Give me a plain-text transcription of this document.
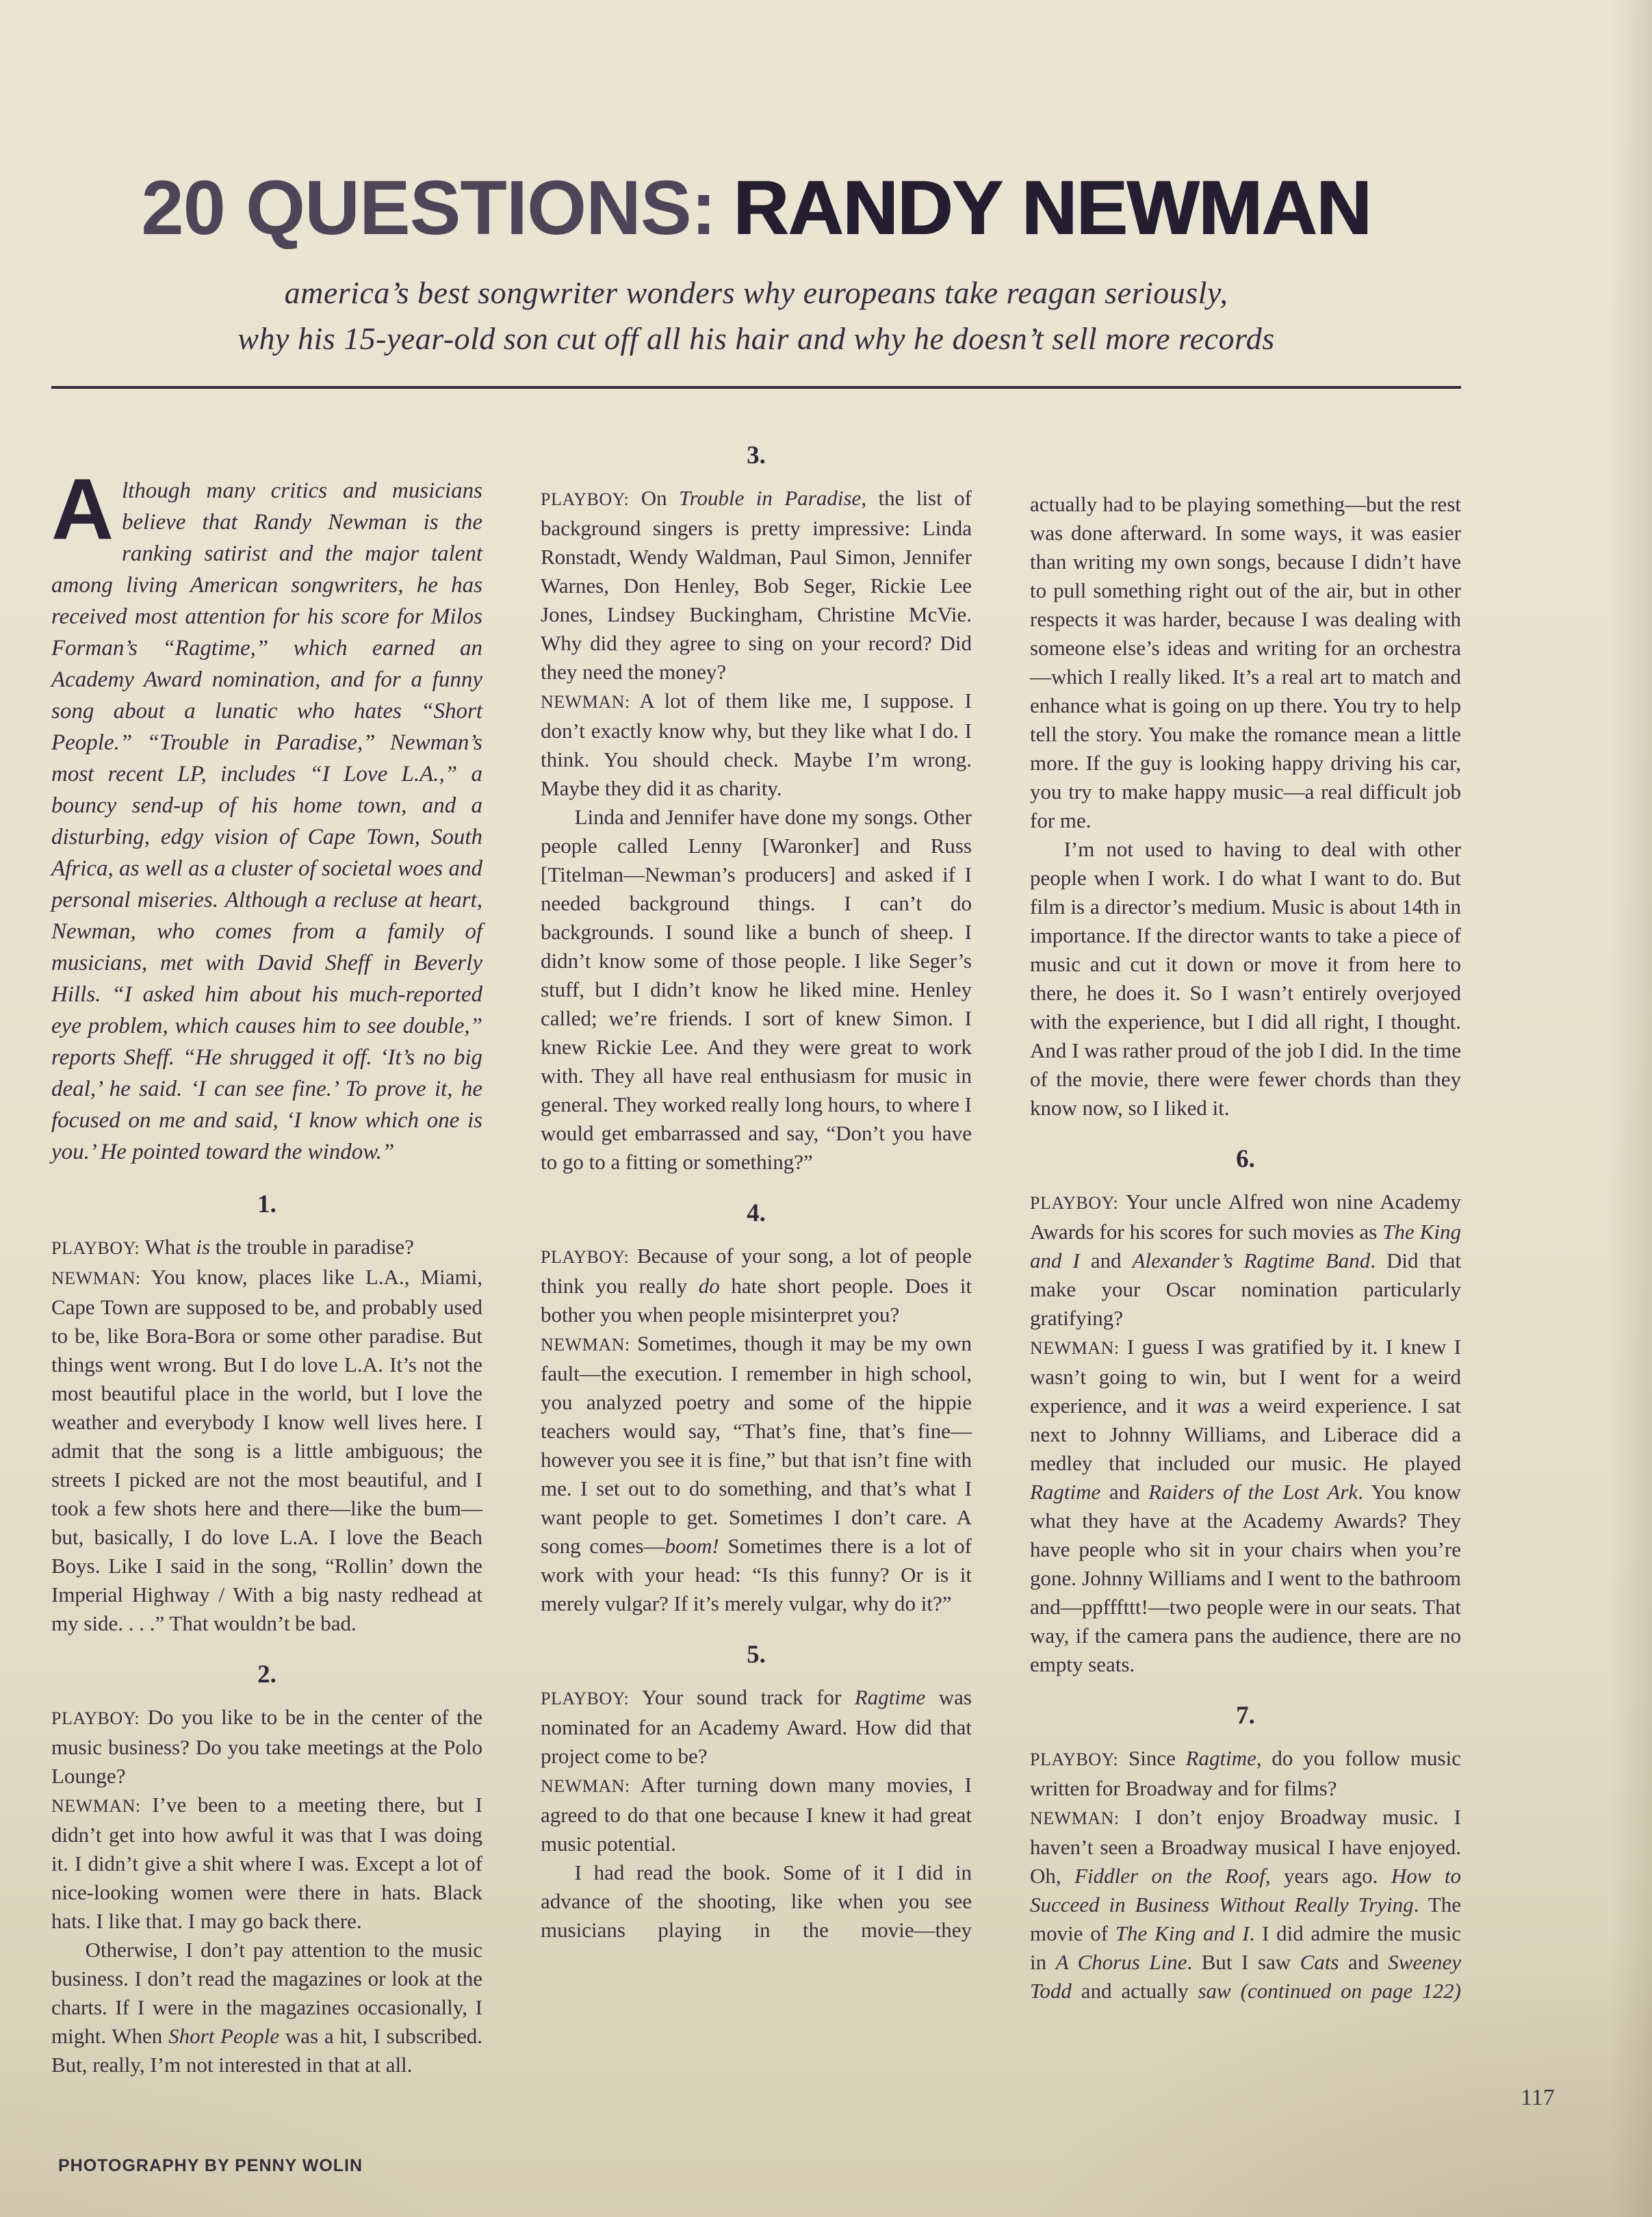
20 QUESTIONS: RANDY NEWMAN

america’s best songwriter wonders why europeans take reagan seriously,
why his 15-year-old son cut off all his hair and why he doesn’t sell more records

Although many critics and musicians believe that Randy Newman is the ranking satirist and the major talent among living American songwriters, he has received most attention for his score for Milos Forman’s “Ragtime,” which earned an Academy Award nomination, and for a funny song about a lunatic who hates “Short People.” “Trouble in Paradise,” Newman’s most recent LP, includes “I Love L.A.,” a bouncy send-up of his home town, and a disturbing, edgy vision of Cape Town, South Africa, as well as a cluster of societal woes and personal miseries. Although a recluse at heart, Newman, who comes from a family of musicians, met with David Sheff in Beverly Hills. “I asked him about his much-reported eye problem, which causes him to see double,” reports Sheff. “He shrugged it off. ‘It’s no big deal,’ he said. ‘I can see fine.’ To prove it, he focused on me and said, ‘I know which one is you.’ He pointed toward the window.”

1.

PLAYBOY: What is the trouble in paradise?

NEWMAN: You know, places like L.A., Miami, Cape Town are supposed to be, and probably used to be, like Bora-Bora or some other paradise. But things went wrong. But I do love L.A. It’s not the most beautiful place in the world, but I love the weather and everybody I know well lives here. I admit that the song is a little ambiguous; the streets I picked are not the most beautiful, and I took a few shots here and there—like the bum—but, basically, I do love L.A. I love the Beach Boys. Like I said in the song, “Rollin’ down the Imperial Highway / With a big nasty redhead at my side. . . .” That wouldn’t be bad.

2.

PLAYBOY: Do you like to be in the center of the music business? Do you take meetings at the Polo Lounge?

NEWMAN: I’ve been to a meeting there, but I didn’t get into how awful it was that I was doing it. I didn’t give a shit where I was. Except a lot of nice-looking women were there in hats. Black hats. I like that. I may go back there.

Otherwise, I don’t pay attention to the music business. I don’t read the magazines or look at the charts. If I were in the magazines occasionally, I might. When Short People was a hit, I subscribed. But, really, I’m not interested in that at all.

3.

PLAYBOY: On Trouble in Paradise, the list of background singers is pretty impressive: Linda Ronstadt, Wendy Waldman, Paul Simon, Jennifer Warnes, Don Henley, Bob Seger, Rickie Lee Jones, Lindsey Buckingham, Christine McVie. Why did they agree to sing on your record? Did they need the money?

NEWMAN: A lot of them like me, I suppose. I don’t exactly know why, but they like what I do. I think. You should check. Maybe I’m wrong. Maybe they did it as charity.

Linda and Jennifer have done my songs. Other people called Lenny [Waronker] and Russ [Titelman—Newman’s producers] and asked if I needed background things. I can’t do backgrounds. I sound like a bunch of sheep. I didn’t know some of those people. I like Seger’s stuff, but I didn’t know he liked mine. Henley called; we’re friends. I sort of knew Simon. I knew Rickie Lee. And they were great to work with. They all have real enthusiasm for music in general. They worked really long hours, to where I would get embarrassed and say, “Don’t you have to go to a fitting or something?”

4.

PLAYBOY: Because of your song, a lot of people think you really do hate short people. Does it bother you when people misinterpret you?

NEWMAN: Sometimes, though it may be my own fault—the execution. I remember in high school, you analyzed poetry and some of the hippie teachers would say, “That’s fine, that’s fine—however you see it is fine,” but that isn’t fine with me. I set out to do something, and that’s what I want people to get. Sometimes I don’t care. A song comes—boom! Sometimes there is a lot of work with your head: “Is this funny? Or is it merely vulgar? If it’s merely vulgar, why do it?”

5.

PLAYBOY: Your sound track for Ragtime was nominated for an Academy Award. How did that project come to be?

NEWMAN: After turning down many movies, I agreed to do that one because I knew it had great music potential.

I had read the book. Some of it I did in advance of the shooting, like when you see musicians playing in the movie—they

actually had to be playing something—but the rest was done afterward. In some ways, it was easier than writing my own songs, because I didn’t have to pull something right out of the air, but in other respects it was harder, because I was dealing with someone else’s ideas and writing for an orchestra—which I really liked. It’s a real art to match and enhance what is going on up there. You try to help tell the story. You make the romance mean a little more. If the guy is looking happy driving his car, you try to make happy music—a real difficult job for me.

I’m not used to having to deal with other people when I work. I do what I want to do. But film is a director’s medium. Music is about 14th in importance. If the director wants to take a piece of music and cut it down or move it from here to there, he does it. So I wasn’t entirely overjoyed with the experience, but I did all right, I thought. And I was rather proud of the job I did. In the time of the movie, there were fewer chords than they know now, so I liked it.

6.

PLAYBOY: Your uncle Alfred won nine Academy Awards for his scores for such movies as The King and I and Alexander’s Ragtime Band. Did that make your Oscar nomination particularly gratifying?

NEWMAN: I guess I was gratified by it. I knew I wasn’t going to win, but I went for a weird experience, and it was a weird experience. I sat next to Johnny Williams, and Liberace did a medley that included our music. He played Ragtime and Raiders of the Lost Ark. You know what they have at the Academy Awards? They have people who sit in your chairs when you’re gone. Johnny Williams and I went to the bathroom and—ppfffttt!—two people were in our seats. That way, if the camera pans the audience, there are no empty seats.

7.

PLAYBOY: Since Ragtime, do you follow music written for Broadway and for films?

NEWMAN: I don’t enjoy Broadway music. I haven’t seen a Broadway musical I have enjoyed. Oh, Fiddler on the Roof, years ago. How to Succeed in Business Without Really Trying. The movie of The King and I. I did admire the music in A Chorus Line. But I saw Cats and Sweeney Todd and actually saw (continued on page 122)

PHOTOGRAPHY BY PENNY WOLIN
117
